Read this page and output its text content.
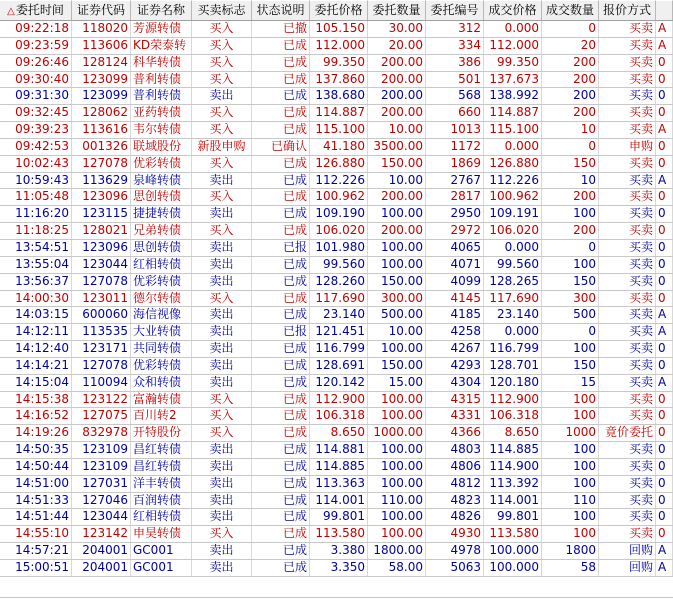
△委托时间	证券代码 证券名称	买卖标志 状态说明 委托价格 委托数量 委托编号 成交价格 成交数量 报价方式
09:22:18	118020 芳源转债	买入	已撤 105.150	30.00	312	0.000	0	买卖 A
09:23:59	113606 KD荣泰转	买入	已成 112.000	20.00	334 112.000	20	买卖 A
09:26:46	128124 科华转债	买入	已成	99.350	200.00	386	99.350	200	买卖 0
09:30:40	123099 普利转债	买入	已成 137.860	200.00	501 137.673	200	买卖 0
09:31:30	123099 普利转债	卖出	已成 138.680	200.00	568 138.992	200	买卖 0
09:32:45	128062 亚药转债	买入	已成 114.887	200.00	660 114.887	200	买卖 0
09:39:23	113616 韦尔转债	买入	已成 115.100	10.00	1013 115.100	10	买卖 A
09:42:53	001326 联域股份	新股申购	已确认	41.180 3500.00	1172	0.000	0	申购 0
10:02:43	127078 优彩转债	买入	已成 126.880	150.00	1869 126.880	150	买卖 0
10:59:43	113629 泉峰转债	卖出	已成 112.226	10.00	2767 112.226	10	买卖 A
11:05:48	123096 思创转债	买入	已成 100.962	200.00	2817 100.962	200	买卖 0
11:16:20	123115 捷捷转债	卖出	已成 109.190	100.00	2950 109.191	100	买卖 0
11:18:25	128021 兄弟转债	买入	已成 106.020	200.00	2972 106.020	200	买卖 0
13:54:51	123096 思创转债	卖出	已报 101.980	100.00	4065	0.000	0	买卖 0
13:55:04	123044 红相转债	卖出	已成	99.560	100.00	4071	99.560	100	买卖 0
13:56:37	127078 优彩转债	卖出	已成 128.260	150.00	4099 128.265	150	买卖 0
14:00:30	123011 德尔转债	买入	已成 117.690	300.00	4145 117.690	300	买卖 0
14:03:15	600060 海信视像	卖出	已成	23.140	500.00	4185	23.140	500	买卖 A
14:12:11	113535 大业转债	卖出	已报 121.451	10.00	4258	0.000	0	买卖 A
14:12:40	123171 共同转债	卖出	已成 116.799	100.00	4267 116.799	100	买卖 0
14:14:21	127078 优彩转债	卖出	已成 128.691	150.00	4293 128.701	150	买卖 0
14:15:04	110094 众和转债	卖出	已成 120.142	15.00	4304 120.180	15	买卖 A
14:15:38	123122 富瀚转债	买入	已成 112.900	100.00	4315 112.900	100	买卖 0
14:16:52	127075 百川转2	买入	已成 106.318	100.00	4331 106.318	100	买卖 0
14:19:26	832978 开特股份	买入	已成	8.650 1000.00	4366	8.650	1000 竟价委托 0
14:50:35	123109 昌红转债	卖出	已成 114.881	100.00	4803 114.885	100	买卖 0
14:50:44	123109 昌红转债	卖出	已成 114.885	100.00	4806 114.900	100	买卖 0
14:51:00	127031 洋丰转债	卖出	已成 113.363	100.00	4812 113.392	100	买卖 0
14:51:33	127046 百润转债	卖出	已成 114.001	110.00	4823 114.001	110	买卖 0
14:51:44	123044 红相转债	卖出	已成	99.801	100.00	4826	99.801	100	买卖 0
14:55:10	123142 申昊转债	买入	已成 113.580	100.00	4930 113.580	100	买卖 0
14:57:21	204001 GC001	卖出	已成	3.380 1800.00	4978 100.000	1800	回购 A
15:00:51	204001 GC001	卖出	已成	3.350	58.00	5063 100.000	58	回购 A
